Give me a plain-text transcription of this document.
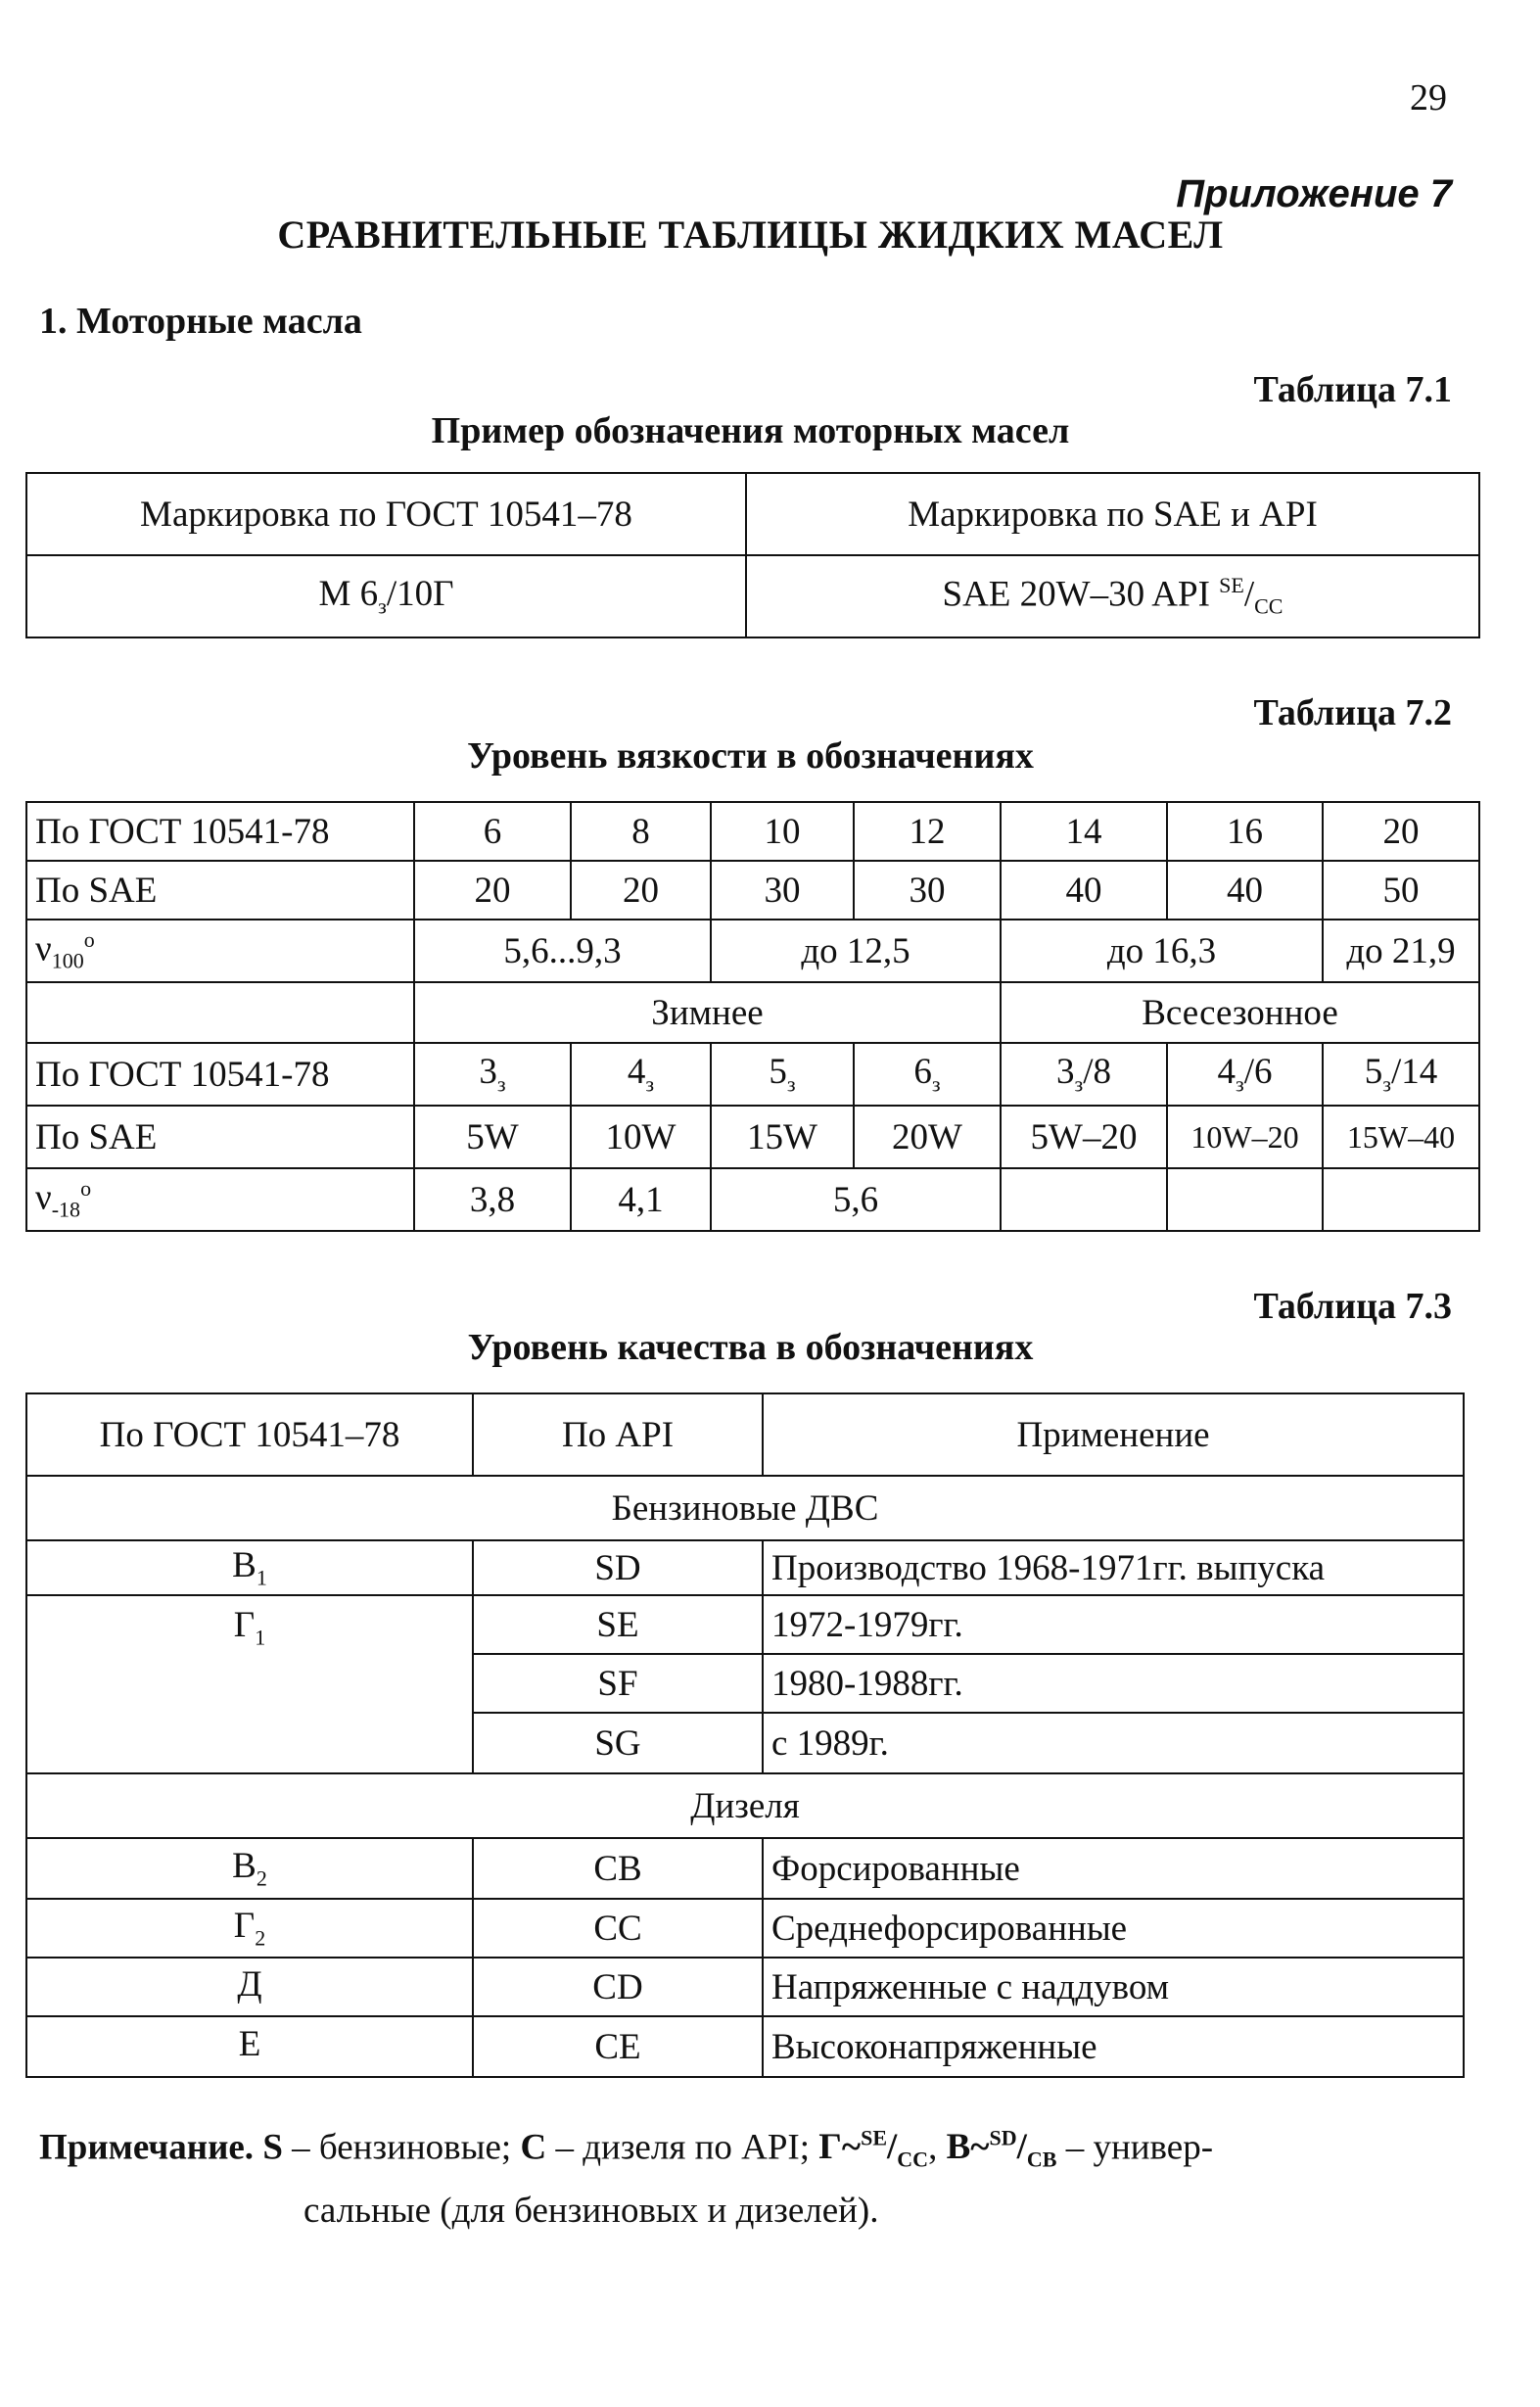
29
Приложение 7
СРАВНИТЕЛЬНЫЕ ТАБЛИЦЫ ЖИДКИХ МАСЕЛ
1. Моторные масла
Таблица 7.1
Пример обозначения моторных масел
Маркировка по ГОСТ 10541–78	Маркировка по SAE и API
М $6_з/10Г$	SAE 20W–30 API $^{SE}/_{CC}$
Таблица 7.2
Уровень вязкости в обозначениях
По ГОСТ 10541-78	6	8	10	12	14	16	20
По SAE	20	20	30	30	40	40	50
$\nu_{100}^о$	5,6...9,3		до 12,5		до 16,3		до 21,9
	Зимнее				Всесезонное		
По ГОСТ 10541-78	$3_з$	$4_з$	$5_з$	$6_з$	$3_з/8$	$4_з/6$	$5_з/14$
По SAE	5W	10W	15W	20W	5W–20	10W–20	15W–40
$\nu_{-18}^о$	3,8	4,1	5,6				
Таблица 7.3
Уровень качества в обозначениях
По ГОСТ 10541–78	По API	Применение
Бензиновые ДВС		
$В_1$	SD	Производство 1968-1971гг. выпуска
$Г_1$	SE	1972-1979гг.
	SF	1980-1988гг.
	SG	с 1989г.
Дизеля		
$В_2$	CB	Форсированные
$Г_2$	CC	Среднефорсированные
Д	CD	Напряженные с наддувом
Е	CE	Высоконапряженные
Примечание. S – бензиновые; C – дизеля по API; $Г\sim^{SE}/_{CC}$, $В\sim^{SD}/_{CB}$ – универ-
сальные (для бензиновых и дизелей).
